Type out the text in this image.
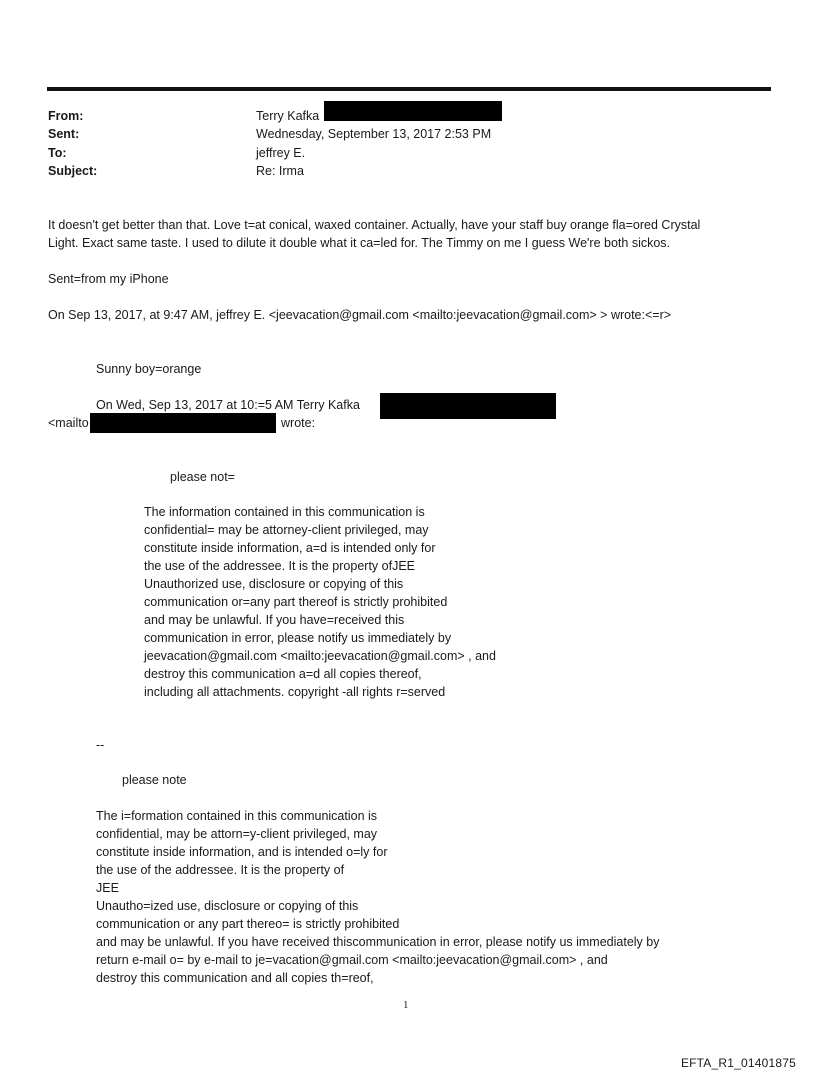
From:	Terry Kafka
Sent:	Wednesday, September 13, 2017 2:53 PM
To:	jeffrey E.
Subject:	Re: Irma
It doesn't get better than that. Love t=at conical, waxed container. Actually, have your staff buy orange fla=ored Crystal
Light. Exact same taste. I used to dilute it double what it ca=led for. The Timmy on me I guess We're both sickos.
Sent=from my iPhone
On Sep 13, 2017, at 9:47 AM, jeffrey E. <jeevacation@gmail.com <mailto:jeevacation@gmail.com> > wrote:<=r>
Sunny boy=orange
On Wed, Sep 13, 2017 at 10:=5 AM Terry Kafka
<mailto	wrote:
please not=
The information contained in this communication is
confidential= may be attorney-client privileged, may
constitute inside information, a=d is intended only for
the use of the addressee. It is the property ofJEE
Unauthorized use, disclosure or copying of this
communication or=any part thereof is strictly prohibited
and may be unlawful. If you have=received this
communication in error, please notify us immediately by
jeevacation@gmail.com <mailto:jeevacation@gmail.com> , and
destroy this communication a=d all copies thereof,
including all attachments. copyright -all rights r=served
--
please note
The i=formation contained in this communication is
confidential, may be attorn=y-client privileged, may
constitute inside information, and is intended o=ly for
the use of the addressee. It is the property of
JEE
Unautho=ized use, disclosure or copying of this
communication or any part thereo= is strictly prohibited
and may be unlawful. If you have received thiscommunication in error, please notify us immediately by
return e-mail o= by e-mail to je=vacation@gmail.com <mailto:jeevacation@gmail.com> , and
destroy this communication and all copies th=reof,
1
EFTA_R1_01401875
